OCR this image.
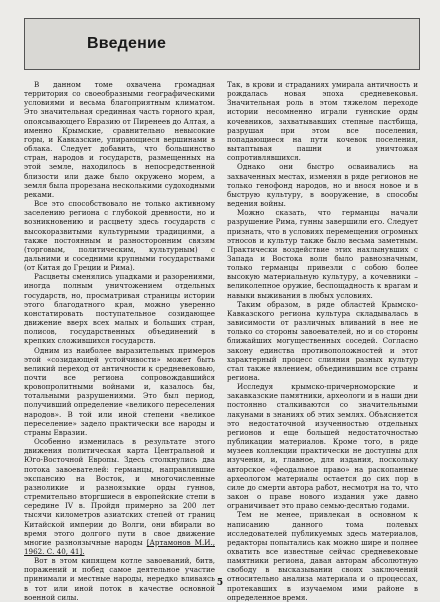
Введение

В данном томе охвачена громадная территория со своеобразными географическими условиями и весьма благоприятным климатом. Это значительная срединная часть горного края, опоясывающего Евразию от Пиренеев до Алтая, а именно Крымские, сравнительно невысокие горы, и Кавказские, упирающиеся вершинами в облака. Следует добавить, что большинство стран, народов и государств, размещенных на этой земле, находилось в непосредственной близости или даже было окружено морем, а земля была прорезана несколькими судоходными реками.

Все это способствовало не только активному заселению региона с глубокой древности, но и возникновению и расцвету здесь государств с высокоразвитыми культурными традициями, а также постоянным и разносторонним связям (торговым, политическим, культурным) с дальними и соседними крупными государствами (от Китая до Греции и Рима).

Расцветы сменялись упадками и разорениями, иногда полным уничтожением отдельных государств, но, просматривая страницы истории этого благодатного края, можно уверенно констатировать поступательное созидающее движение вверх всех малых и больших стран, полисов, государственных объединений в крепких сложившихся государств.

Одним из наиболее выразительных примеров этой «созидающей устойчивости» может быть великий переход от античности к средневековью, почти все региона сопровождавшийся кровопролитными войнами и, казалось бы, тотальными разрушениями. Это был период, получивший определение «великого переселения народов». В той или иной степени «великое переселение» задело практически все народы и страны Евразии.

Особенно изменилась в результате этого движения политическая карта Центральной и Юго-Восточной Европы. Здесь столкнулись два потока завоевателей: германцы, направлявшие экспансию на Восток, и многочисленные разноликие и разноязыкие орды гуннов, стремительно вторгшиеся в европейские степи в середине IV в. Пройдя примерно за 200 лет тысячи километров азиатских степей от границ Китайской империи до Волги, они вбирали во время этого долгого пути в свое движение многие разноязычные народы [Артамонов М.И., 1962. С. 40, 41].

Вот в этом кипящем котле завоеваний, битв, поражений и побед самое деятельное участие принимали и местные народы, нередко вливаясь в тот или иной поток в качестве основной военной силы.

Так, в крови и страданиях умирала античность и рождалась новая эпоха средневековья. Значительная роль в этом тяжелом переходе истории несомненно играли гуннские орды кочевников, захватывавших степные пастбища, разрушая при этом все поселения, попадающиеся на пути кочевок поселения, вытаптывая пашни и уничтожая сопротивлявшихся.

Однако они быстро осваивались на захваченных местах, изменяя в ряде регионов не только генофонд народов, но и внося новое и в быструю культуру, в вооружение, в способы ведения войны.

Можно сказать, что германцы начали разрушение Рима, гунны завершили его. Следует признать, что в условиях перемещения огромных этносов и культур также было весьма заметным. Практически воздействие этих нахлынувших с Запада и Востока волн было равнозначным, только германцы привезли с собою более высокую материальную культуру, а кочевники – великолепное оружие, беспощадность к врагам и навыки выживания в любых условиях.

Таким образом, в ряде областей Крымско-Кавказского региона культура складывалась в зависимости от различных вливаний в нее не только со стороны завоевателей, но и со стороны ближайших могущественных соседей. Согласно закону единства противоположностей и этот характерный процесс слияния разных культур стал также явлением, объединившим все страны региона.

Исследуя крымско-причерноморские и закавказские памятники, археологи и в наши дни постоянно сталкиваются со значительными лакунами в знаниях об этих землях. Объясняется это недостаточной изученностью отдельных регионов и еще большей недостаточностью публикации материалов. Кроме того, в ряде музеев коллекции практически не доступны для изучения, и, главное, для издания, поскольку авторское «феодальное право» на раскопанные археологом материалы остается до сих пор в силе до смерти автора работ, несмотря на то, что закон о праве нового издания уже давно ограничивает это право семью-десятью годами.

Тем не менее, привлекая в основном к написанию данного тома полевых исследователей публикуемых здесь материалов, редакторы попытались как можно шире и полнее охватить все известные сейчас средневековые памятники региона, давая авторам абсолютную свободу в высказывании своих заключений относительно анализа материала и о процессах, протекавших в изучаемом ими районе в определенное время.

5
